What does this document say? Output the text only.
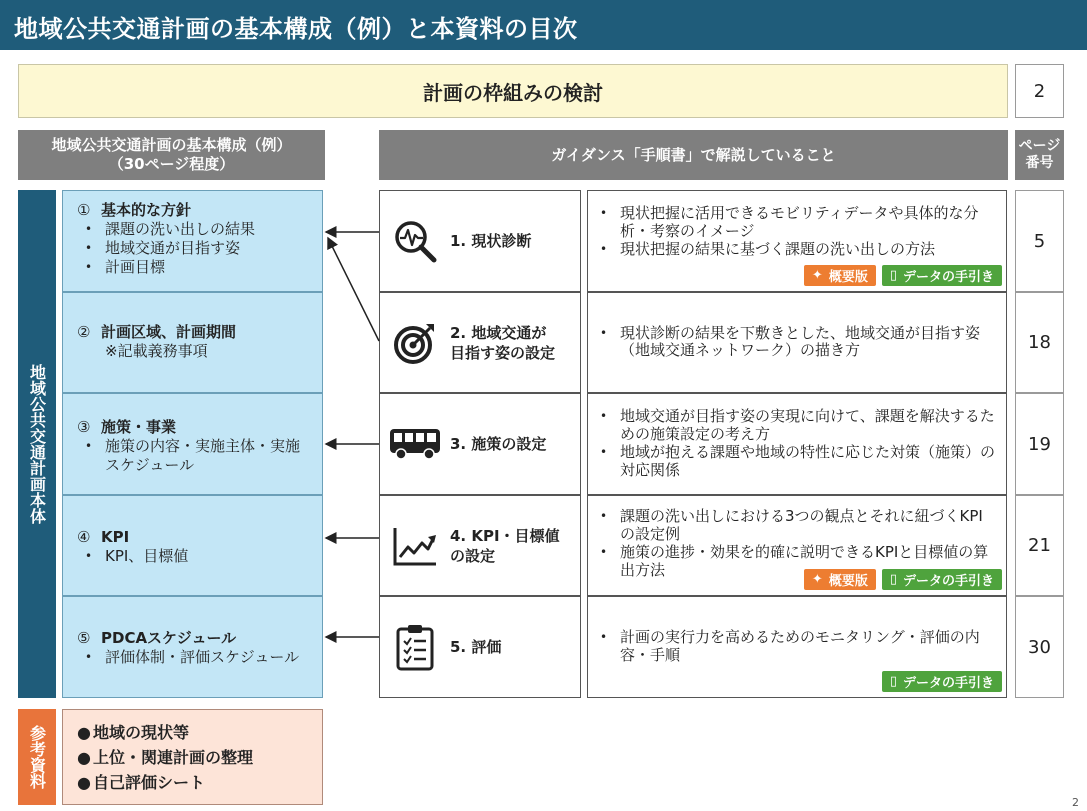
地域公共交通計画の基本構成（例）と本資料の目次
計画の枠組みの検討	2
地域公共交通計画の基本構成（例）
（30ページ程度）
ガイダンス「手順書」で解説していること
ページ
番号
地域公共交通計画本体
参考資料
① 基本的な方針
• 課題の洗い出しの結果
• 地域交通が目指す姿
• 計画目標
② 計画区域、計画期間
※記載義務事項
③ 施策・事業
• 施策の内容・実施主体・実施スケジュール
④ KPI
• KPI、目標値
⑤ PDCAスケジュール
• 評価体制・評価スケジュール
1. 現状診断
2. 地域交通が
目指す姿の設定
3. 施策の設定
4. KPI・目標値
の設定
5. 評価
• 現状把握に活用できるモビリティデータや具体的な分析・考察のイメージ
• 現状把握の結果に基づく課題の洗い出しの方法
✦ 概要版 ▯ データの手引き
• 現状診断の結果を下敷きとした、地域交通が目指す姿（地域交通ネットワーク）の描き方
• 地域交通が目指す姿の実現に向けて、課題を解決するための施策設定の考え方
• 地域が抱える課題や地域の特性に応じた対策（施策）の対応関係
• 課題の洗い出しにおける3つの観点とそれに紐づくKPIの設定例
• 施策の進捗・効果を的確に説明できるKPIと目標値の算出方法
✦ 概要版 ▯ データの手引き
• 計画の実行力を高めるためのモニタリング・評価の内容・手順
▯ データの手引き
5
18
19
21
30
● 地域の現状等
● 上位・関連計画の整理
● 自己評価シート
2
